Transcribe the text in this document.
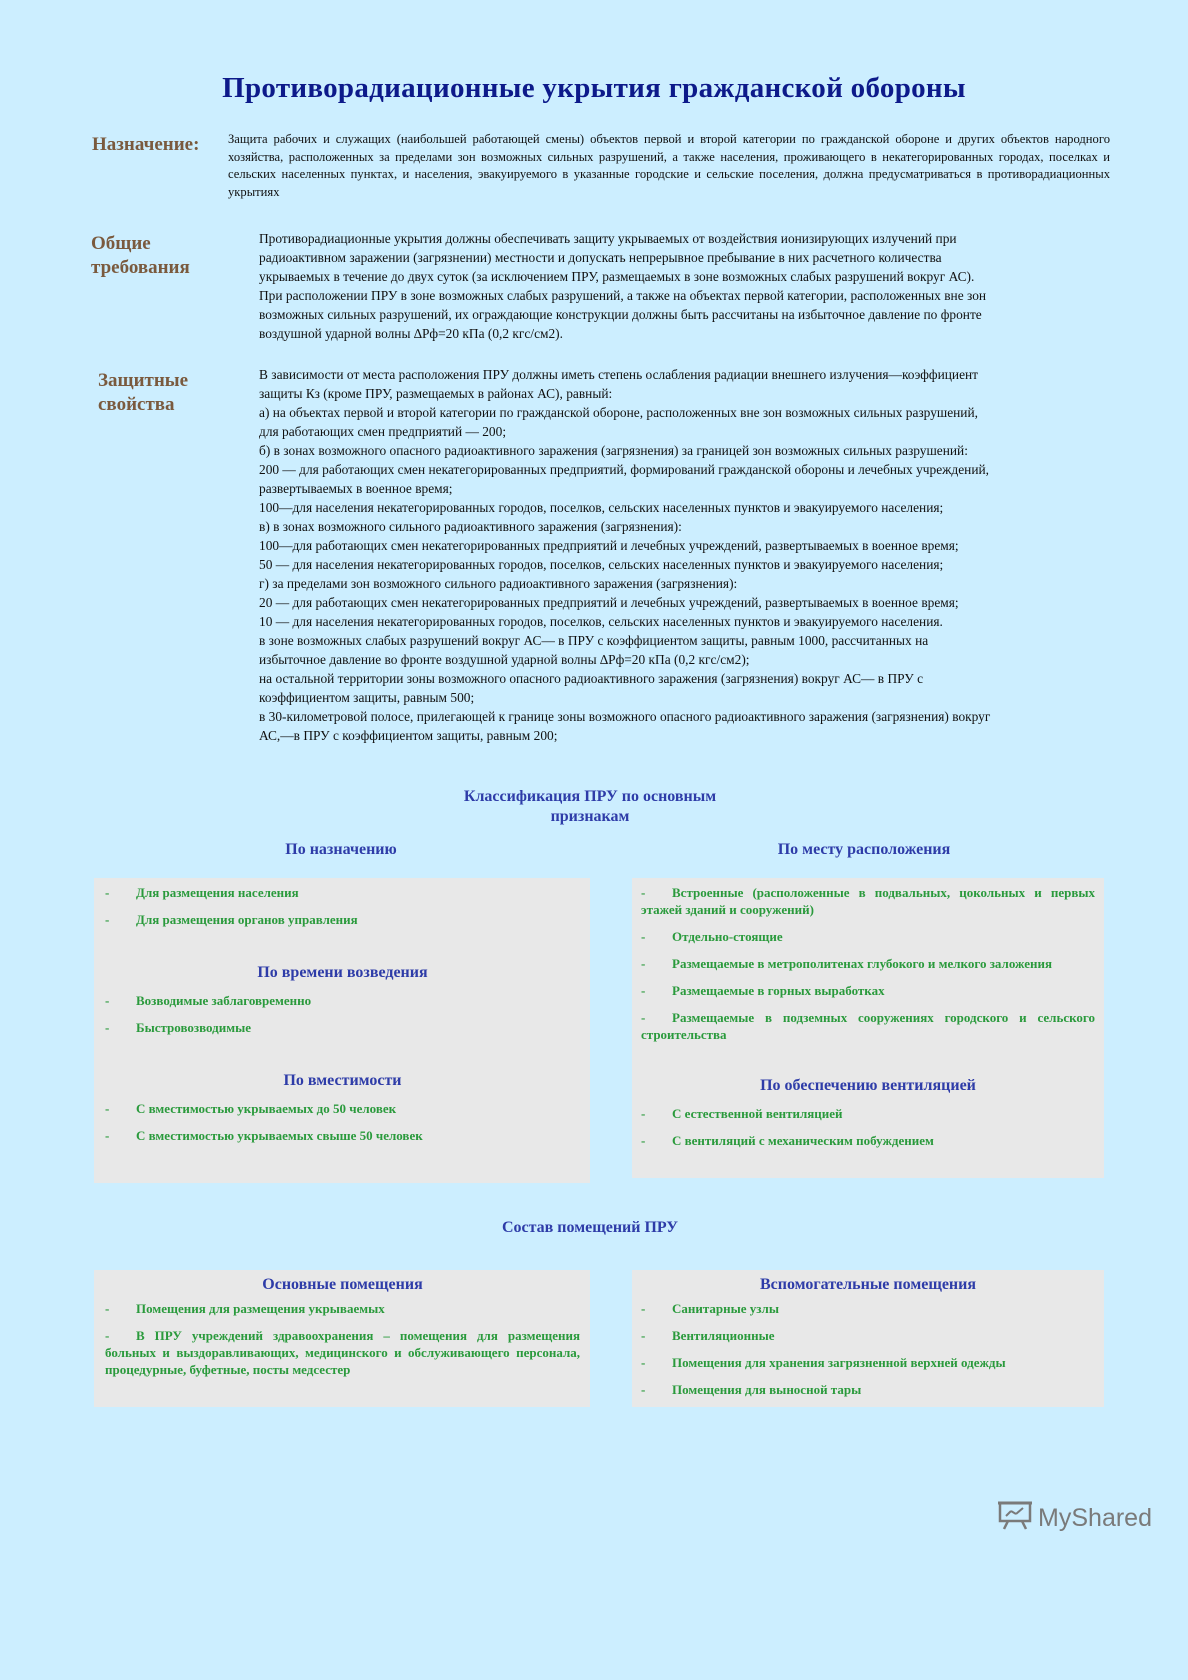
Противорадиационные укрытия гражданской обороны
Назначение: Защита рабочих и служащих (наибольшей работающей смены) объектов первой и второй категории по гражданской обороне и других объектов народного хозяйства, расположенных за пределами зон возможных сильных разрушений, а также населения, проживающего в некатегорированных городах, поселках и сельских населенных пунктах, и населения, эвакуируемого в указанные городские и сельские поселения, должна предусматриваться в противорадиационных укрытиях
Общие
требования
Противорадиационные укрытия должны обеспечивать защиту укрываемых от воздействия ионизирующих излучений при
радиоактивном заражении (загрязнении) местности и допускать непрерывное пребывание в них расчетного количества
укрываемых в течение до двух суток (за исключением ПРУ, размещаемых в зоне возможных слабых разрушений вокруг АС).
При расположении ПРУ в зоне возможных слабых разрушений, а также на объектах первой категории, расположенных вне зон
возможных сильных разрушений, их ограждающие конструкции должны быть рассчитаны на избыточное давление по фронте
воздушной ударной волны ∆Рф=20 кПа (0,2 кгс/см2).
Защитные
свойства
В зависимости от места расположения ПРУ должны иметь степень ослабления радиации внешнего излучения—коэффициент
защиты Кз (кроме ПРУ, размещаемых в районах АС), равный:
а) на объектах первой и второй категории по гражданской обороне, расположенных вне зон возможных сильных разрушений,
для работающих смен предприятий — 200;
б) в зонах возможного опасного радиоактивного заражения (загрязнения) за границей зон возможных сильных разрушений:
200 — для работающих смен некатегорированных предприятий, формирований гражданской обороны и лечебных учреждений,
развертываемых в военное время;
100—для населения некатегорированных городов, поселков, сельских населенных пунктов и эвакуируемого населения;
в) в зонах возможного сильного радиоактивного заражения (загрязнения):
100—для работающих смен некатегорированных предприятий и лечебных учреждений, развертываемых в военное время;
50 — для населения некатегорированных городов, поселков, сельских населенных пунктов и эвакуируемого населения;
г) за пределами зон возможного сильного радиоактивного заражения (загрязнения):
20 — для работающих смен некатегорированных предприятий и лечебных учреждений, развертываемых в военное время;
10 — для населения некатегорированных городов, поселков, сельских населенных пунктов и эвакуируемого населения.
в зоне возможных слабых разрушений вокруг АС— в ПРУ с коэффициентом защиты, равным 1000, рассчитанных на
избыточное давление во фронте воздушной ударной волны ∆Рф=20 кПа (0,2 кгс/см2);
на остальной территории зоны возможного опасного радиоактивного заражения (загрязнения) вокруг АС— в ПРУ с
коэффициентом защиты, равным 500;
в 30-километровой полосе, прилегающей к границе зоны возможного опасного радиоактивного заражения (загрязнения) вокруг
АС,—в ПРУ с коэффициентом защиты, равным 200;
Классификация ПРУ по основным
признакам
По назначению	По месту расположения
- Для размещения населения
- Для размещения органов управления
По времени возведения
- Возводимые заблаговременно
- Быстровозводимые
По вместимости
- С вместимостью укрываемых до 50 человек
- С вместимостью укрываемых свыше 50 человек
- Встроенные (расположенные в подвальных, цокольных и первых этажей зданий и сооружений)
- Отдельно-стоящие
- Размещаемые в метрополитенах глубокого и мелкого заложения
- Размещаемые в горных выработках
- Размещаемые в подземных сооружениях городского и сельского строительства
По обеспечению вентиляцией
- С естественной вентиляцией
- С вентиляций с механическим побуждением
Состав помещений ПРУ
Основные помещения
- Помещения для размещения укрываемых
- В ПРУ учреждений здравоохранения – помещения для размещения больных и выздоравливающих, медицинского и обслуживающего персонала, процедурные, буфетные, посты медсестер
Вспомогательные помещения
- Санитарные узлы
- Вентиляционные
- Помещения для хранения загрязненной верхней одежды
- Помещения для выносной тары
MyShared
